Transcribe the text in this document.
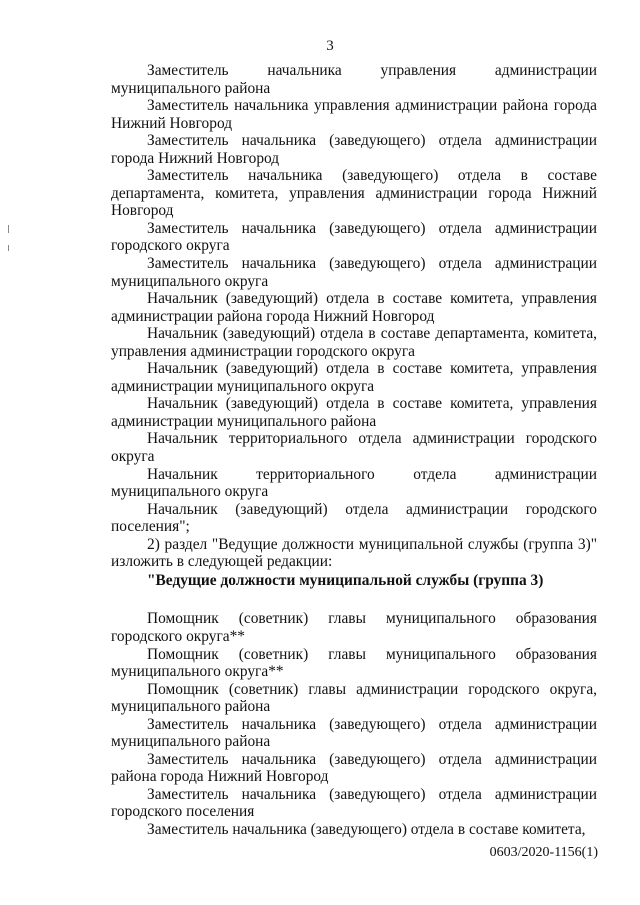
3

Заместитель начальника управления администрации муниципального района

Заместитель начальника управления администрации района города Нижний Новгород

Заместитель начальника (заведующего) отдела администрации города Нижний Новгород

Заместитель начальника (заведующего) отдела в составе департамента, комитета, управления администрации города Нижний Новгород

Заместитель начальника (заведующего) отдела администрации городского округа

Заместитель начальника (заведующего) отдела администрации муниципального округа

Начальник (заведующий) отдела в составе комитета, управления администрации района города Нижний Новгород

Начальник (заведующий) отдела в составе департамента, комитета, управления администрации городского округа

Начальник (заведующий) отдела в составе комитета, управления администрации муниципального округа

Начальник (заведующий) отдела в составе комитета, управления администрации муниципального района

Начальник территориального отдела администрации городского округа

Начальник территориального отдела администрации муниципального округа

Начальник (заведующий) отдела администрации городского поселения";

2) раздел "Ведущие должности муниципальной службы (группа 3)" изложить в следующей редакции:

"Ведущие должности муниципальной службы (группа 3)

Помощник (советник) главы муниципального образования городского округа**

Помощник (советник) главы муниципального образования муниципального округа**

Помощник (советник) главы администрации городского округа, муниципального района

Заместитель начальника (заведующего) отдела администрации муниципального района

Заместитель начальника (заведующего) отдела администрации района города Нижний Новгород

Заместитель начальника (заведующего) отдела администрации городского поселения

Заместитель начальника (заведующего) отдела в составе комитета,

0603/2020-1156(1)
